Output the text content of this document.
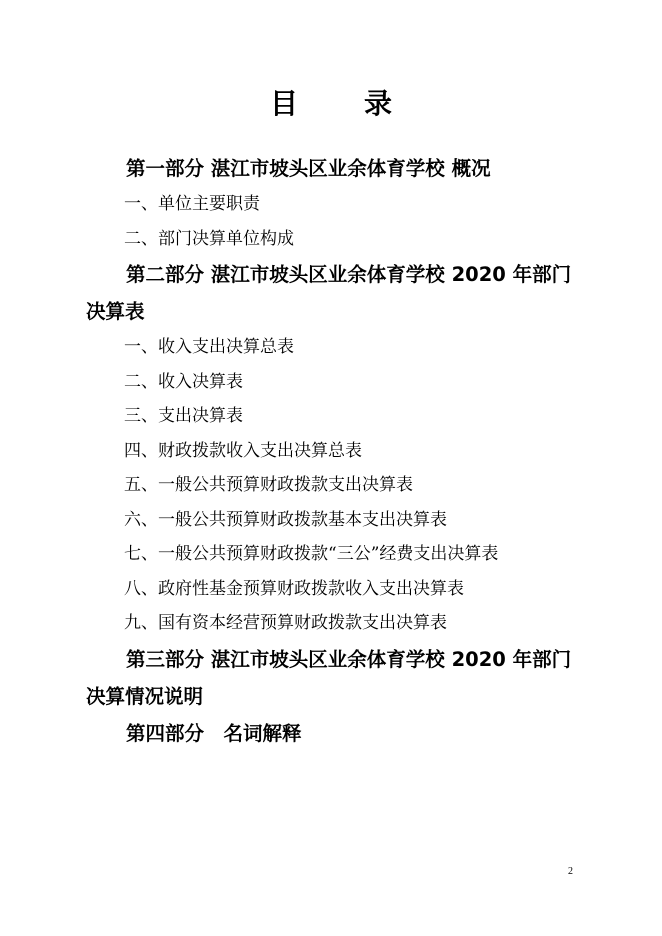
目 录

第一部分 湛江市坡头区业余体育学校 概况

一、单位主要职责

二、部门决算单位构成

第二部分 湛江市坡头区业余体育学校 2020 年部门决算表

一、收入支出决算总表

二、收入决算表

三、支出决算表

四、财政拨款收入支出决算总表

五、一般公共预算财政拨款支出决算表

六、一般公共预算财政拨款基本支出决算表

七、一般公共预算财政拨款“三公”经费支出决算表

八、政府性基金预算财政拨款收入支出决算表

九、国有资本经营预算财政拨款支出决算表

第三部分 湛江市坡头区业余体育学校 2020 年部门决算情况说明

第四部分　名词解释

2
